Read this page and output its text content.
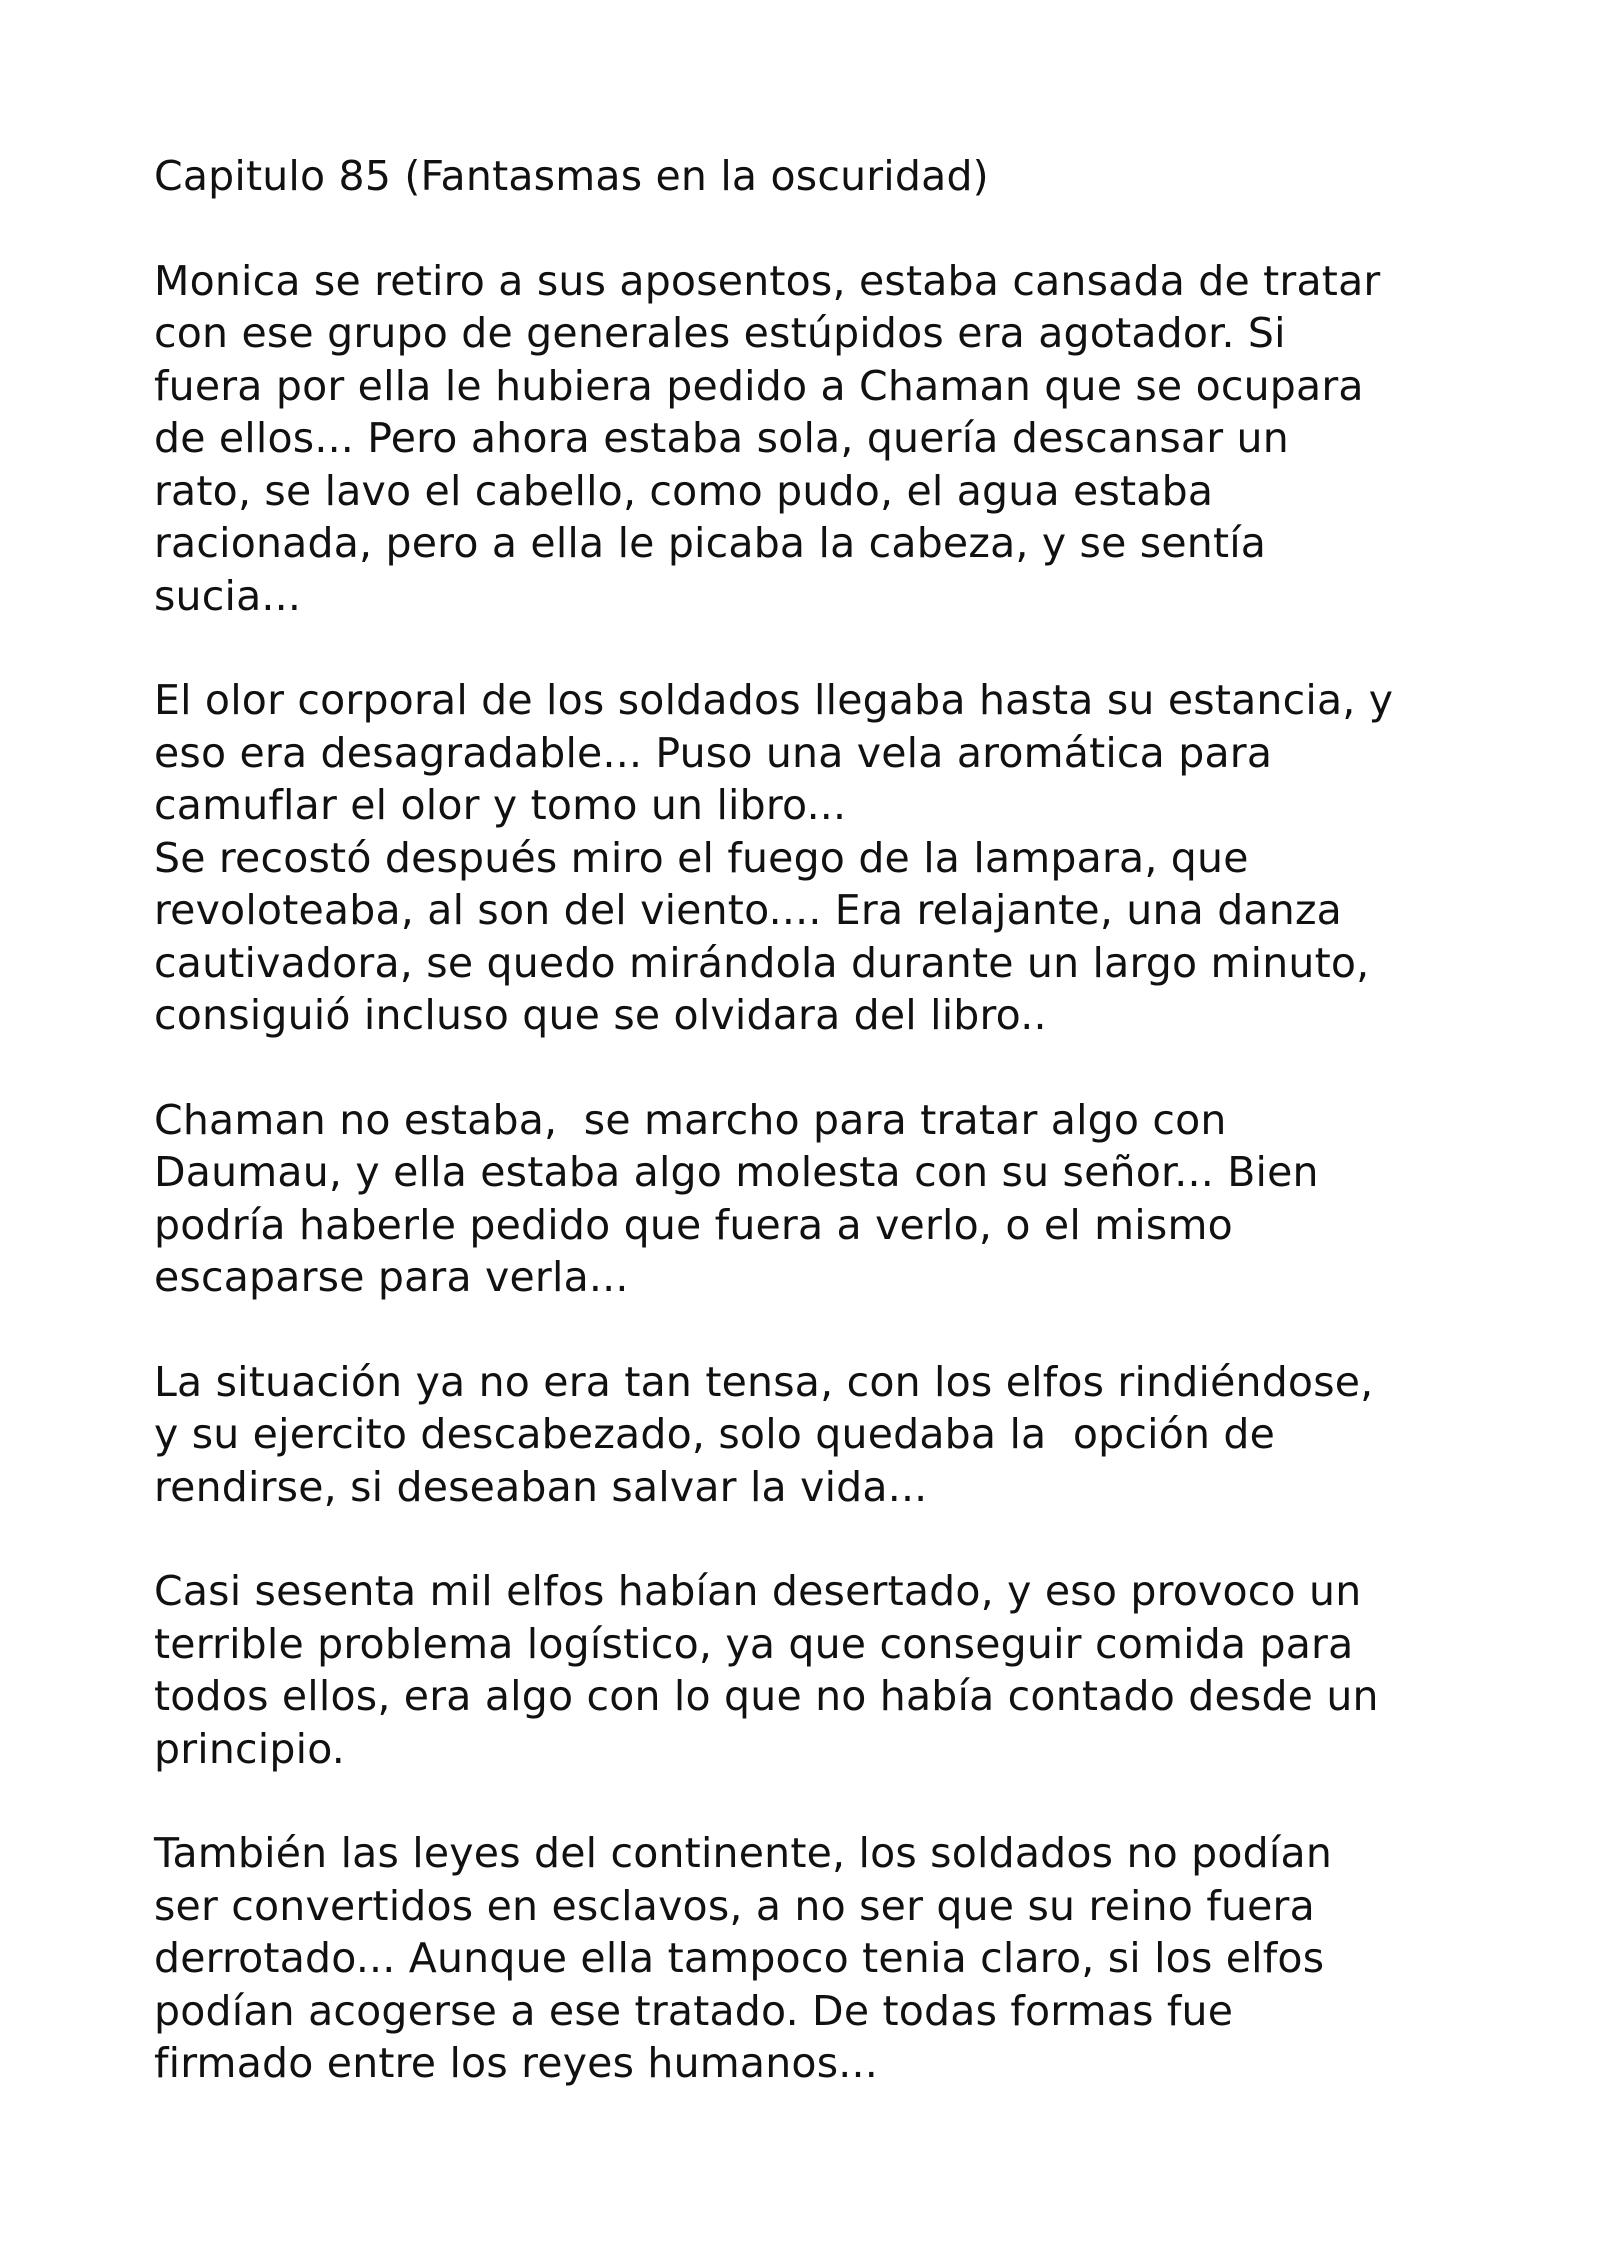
Capitulo 85 (Fantasmas en la oscuridad)
Monica se retiro a sus aposentos, estaba cansada de tratar
con ese grupo de generales estúpidos era agotador. Si
fuera por ella le hubiera pedido a Chaman que se ocupara
de ellos... Pero ahora estaba sola, quería descansar un
rato, se lavo el cabello, como pudo, el agua estaba
racionada, pero a ella le picaba la cabeza, y se sentía
sucia...
El olor corporal de los soldados llegaba hasta su estancia, y
eso era desagradable... Puso una vela aromática para
camuflar el olor y tomo un libro...
Se recostó después miro el fuego de la lampara, que
revoloteaba, al son del viento.... Era relajante, una danza
cautivadora, se quedo mirándola durante un largo minuto,
consiguió incluso que se olvidara del libro..
Chaman no estaba,  se marcho para tratar algo con
Daumau, y ella estaba algo molesta con su señor... Bien
podría haberle pedido que fuera a verlo, o el mismo
escaparse para verla...
La situación ya no era tan tensa, con los elfos rindiéndose,
y su ejercito descabezado, solo quedaba la  opción de
rendirse, si deseaban salvar la vida...
Casi sesenta mil elfos habían desertado, y eso provoco un
terrible problema logístico, ya que conseguir comida para
todos ellos, era algo con lo que no había contado desde un
principio.
También las leyes del continente, los soldados no podían
ser convertidos en esclavos, a no ser que su reino fuera
derrotado... Aunque ella tampoco tenia claro, si los elfos
podían acogerse a ese tratado. De todas formas fue
firmado entre los reyes humanos...
